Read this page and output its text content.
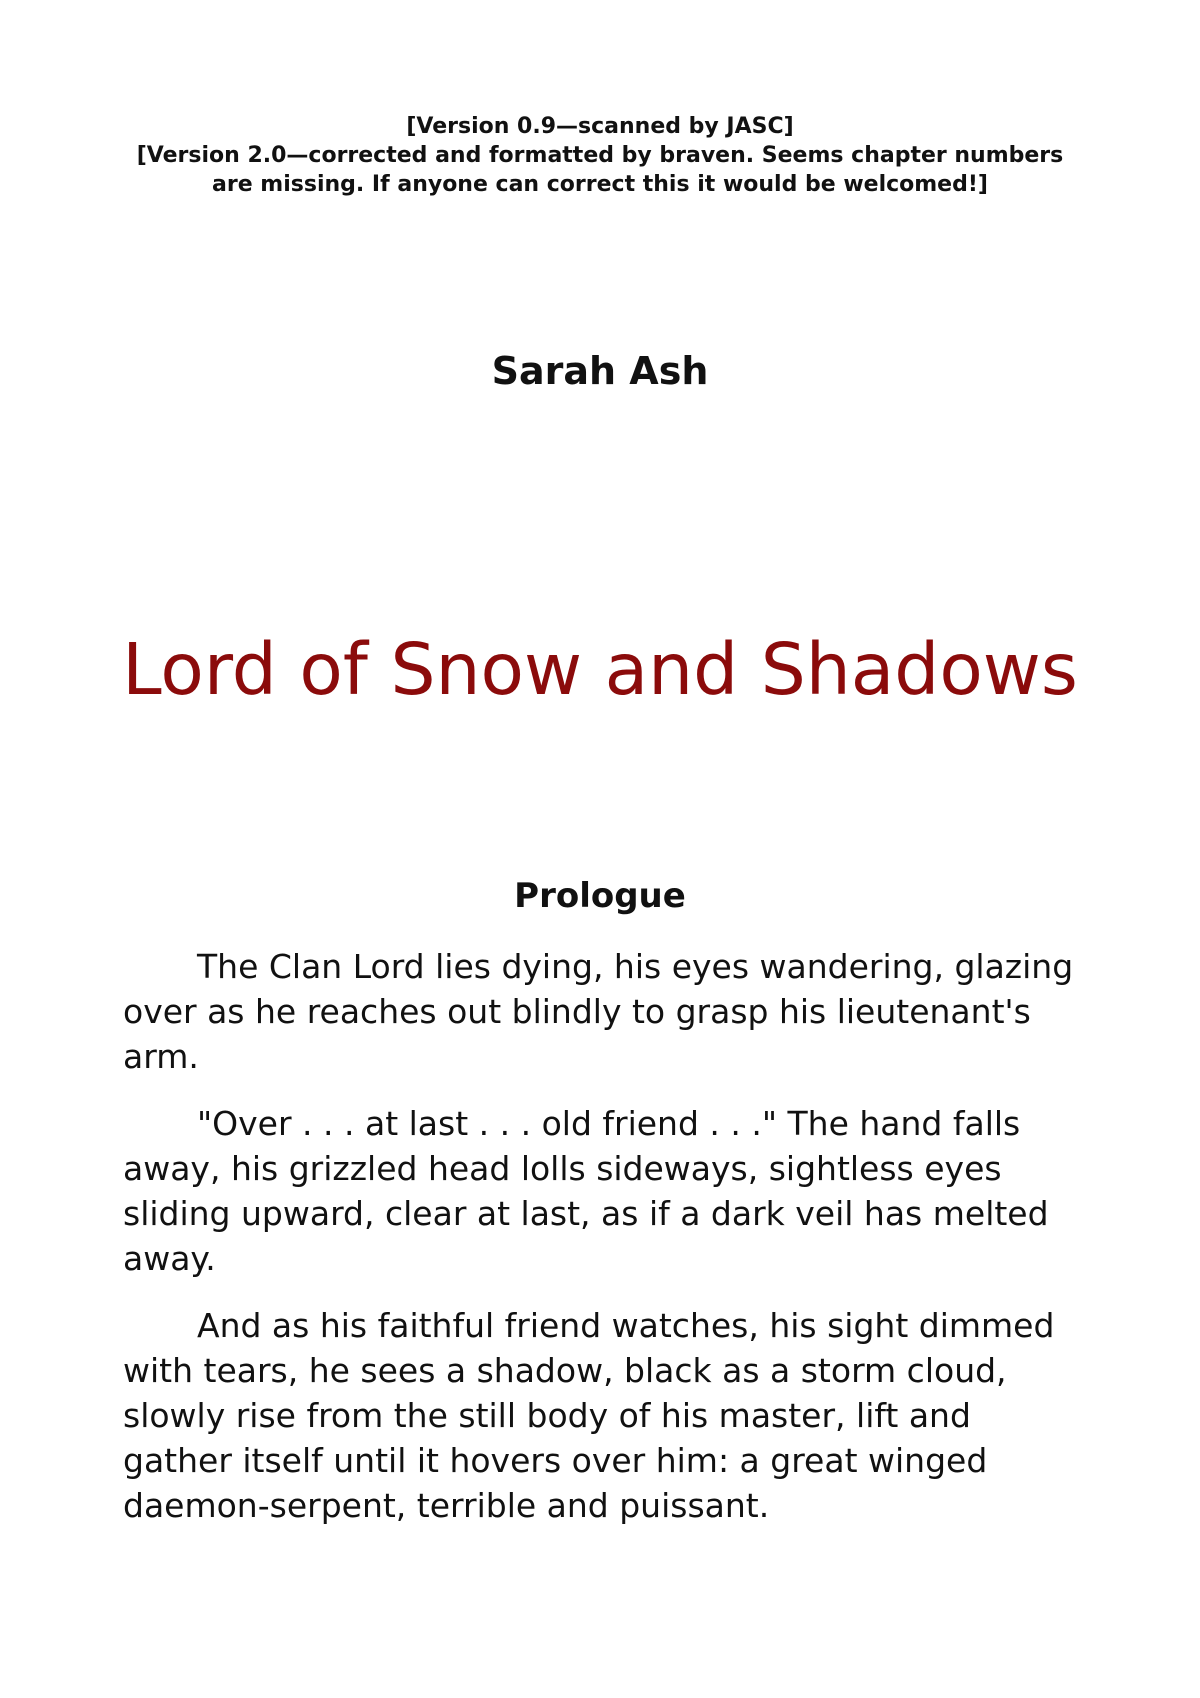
[Version 0.9—scanned by JASC]
[Version 2.0—corrected and formatted by braven. Seems chapter numbers are missing. If anyone can correct this it would be welcomed!]
Sarah Ash
Lord of Snow and Shadows
Prologue

The Clan Lord lies dying, his eyes wandering, glazing over as he reaches out blindly to grasp his lieutenant's arm.

"Over . . . at last . . . old friend . . ." The hand falls away, his grizzled head lolls sideways, sightless eyes sliding upward, clear at last, as if a dark veil has melted away.

And as his faithful friend watches, his sight dimmed with tears, he sees a shadow, black as a storm cloud, slowly rise from the still body of his master, lift and gather itself until it hovers over him: a great winged daemon-serpent, terrible and puissant.
